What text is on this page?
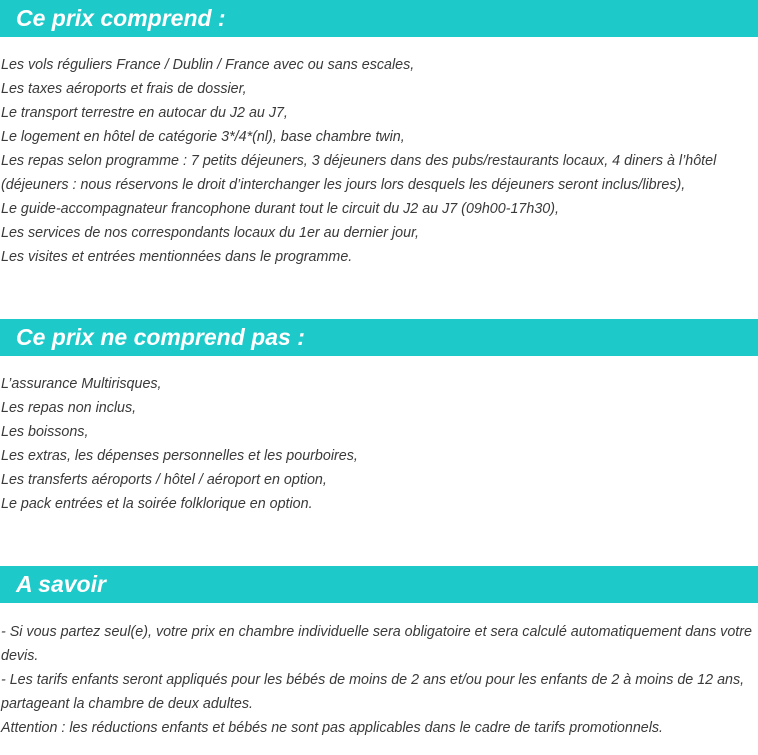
Ce prix comprend :
Les vols réguliers France / Dublin / France avec ou sans escales,
Les taxes aéroports et frais de dossier,
Le transport terrestre en autocar du J2 au J7,
Le logement en hôtel de catégorie 3*/4*(nl), base chambre twin,
Les repas selon programme : 7 petits déjeuners, 3 déjeuners dans des pubs/restaurants locaux, 4 diners à l’hôtel
(déjeuners : nous réservons le droit d’interchanger les jours lors desquels les déjeuners seront inclus/libres),
Le guide-accompagnateur francophone durant tout le circuit du J2 au J7 (09h00-17h30),
Les services de nos correspondants locaux du 1er au dernier jour,
Les visites et entrées mentionnées dans le programme.
Ce prix ne comprend pas :
L’assurance Multirisques,
Les repas non inclus,
Les boissons,
Les extras, les dépenses personnelles et les pourboires,
Les transferts aéroports / hôtel / aéroport en option,
Le pack entrées et la soirée folklorique en option.
A savoir
- Si vous partez seul(e), votre prix en chambre individuelle sera obligatoire et sera calculé automatiquement dans votre devis.
- Les tarifs enfants seront appliqués pour les bébés de moins de 2 ans et/ou pour les enfants de 2 à moins de 12 ans, partageant la chambre de deux adultes.
Attention : les réductions enfants et bébés ne sont pas applicables dans le cadre de tarifs promotionnels.
